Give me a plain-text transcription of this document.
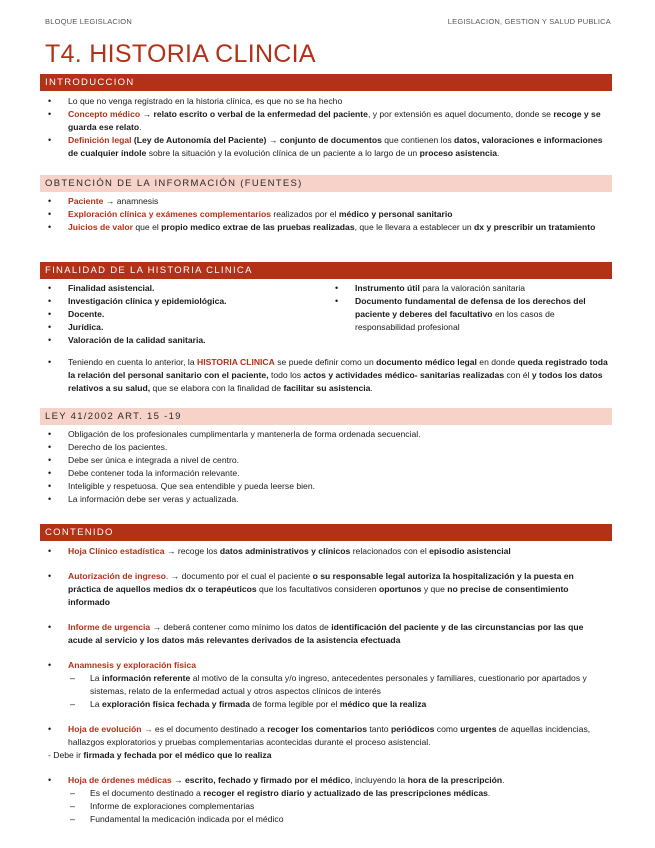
BLOQUE LEGISLACION	LEGISLACION, GESTION Y SALUD PUBLICA
T4. HISTORIA CLINCIA
INTRODUCCION
•	Lo que no venga registrado en la historia clínica, es que no se ha hecho
•	Concepto médico → relato escrito o verbal de la enfermedad del paciente, y por extensión es aquel documento, donde se recoge y se guarda ese relato.
•	Definición legal (Ley de Autonomía del Paciente) → conjunto de documentos que contienen los datos, valoraciones e informaciones de cualquier índole sobre la situación y la evolución clínica de un paciente a lo largo de un proceso asistencia.
OBTENCIÓN DE LA INFORMACIÓN (FUENTES)
•	Paciente → anamnesis
•	Exploración clínica y exámenes complementarios realizados por el médico y personal sanitario
•	Juicios de valor que el propio medico extrae de las pruebas realizadas, que le llevara a establecer un dx y prescribir un tratamiento
FINALIDAD DE LA HISTORIA CLINICA
•	Finalidad asistencial.
•	Investigación clínica y epidemiológica.
•	Docente.
•	Jurídica.
•	Valoración de la calidad sanitaria.
•	Instrumento útil para la valoración sanitaria
•	Documento fundamental de defensa de los derechos del paciente y deberes del facultativo en los casos de responsabilidad profesional
•	Teniendo en cuenta lo anterior, la HISTORIA CLINICA se puede definir como un documento médico legal en donde queda registrado toda la relación del personal sanitario con el paciente, todo los actos y actividades médico- sanitarias realizadas con él y todos los datos relativos a su salud, que se elabora con la finalidad de facilitar su asistencia.
LEY 41/2002 ART. 15 -19
•	Obligación de los profesionales cumplimentarla y mantenerla de forma ordenada secuencial.
•	Derecho de los pacientes.
•	Debe ser única e integrada a nivel de centro.
•	Debe contener toda la información relevante.
•	Inteligible y respetuosa. Que sea entendible y pueda leerse bien.
•	La información debe ser veras y actualizada.
CONTENIDO
•	Hoja Clínico estadística → recoge los datos administrativos y clínicos relacionados con el episodio asistencial
•	Autorización de ingreso. → documento por el cual el paciente o su responsable legal autoriza la hospitalización y la puesta en práctica de aquellos medios dx o terapéuticos que los facultativos consideren oportunos y que no precise de consentimiento informado
•	Informe de urgencia → deberá contener como mínimo los datos de identificación del paciente y de las circunstancias por las que acude al servicio y los datos más relevantes derivados de la asistencia efectuada
•	Anamnesis y exploración física
–	La información referente al motivo de la consulta y/o ingreso, antecedentes personales y familiares, cuestionario por apartados y sistemas, relato de la enfermedad actual y otros aspectos clínicos de interés
–	La exploración física fechada y firmada de forma legible por el médico que la realiza
•	Hoja de evolución → es el documento destinado a recoger los comentarios tanto periódicos como urgentes de aquellas incidencias, hallazgos exploratorios y pruebas complementarias acontecidas durante el proceso asistencial.
- Debe ir firmada y fechada por el médico que lo realiza
•	Hoja de órdenes médicas → escrito, fechado y firmado por el médico, incluyendo la hora de la prescripción.
–	Es el documento destinado a recoger el registro diario y actualizado de las prescripciones médicas.
–	Informe de exploraciones complementarias
–	Fundamental la medicación indicada por el médico
